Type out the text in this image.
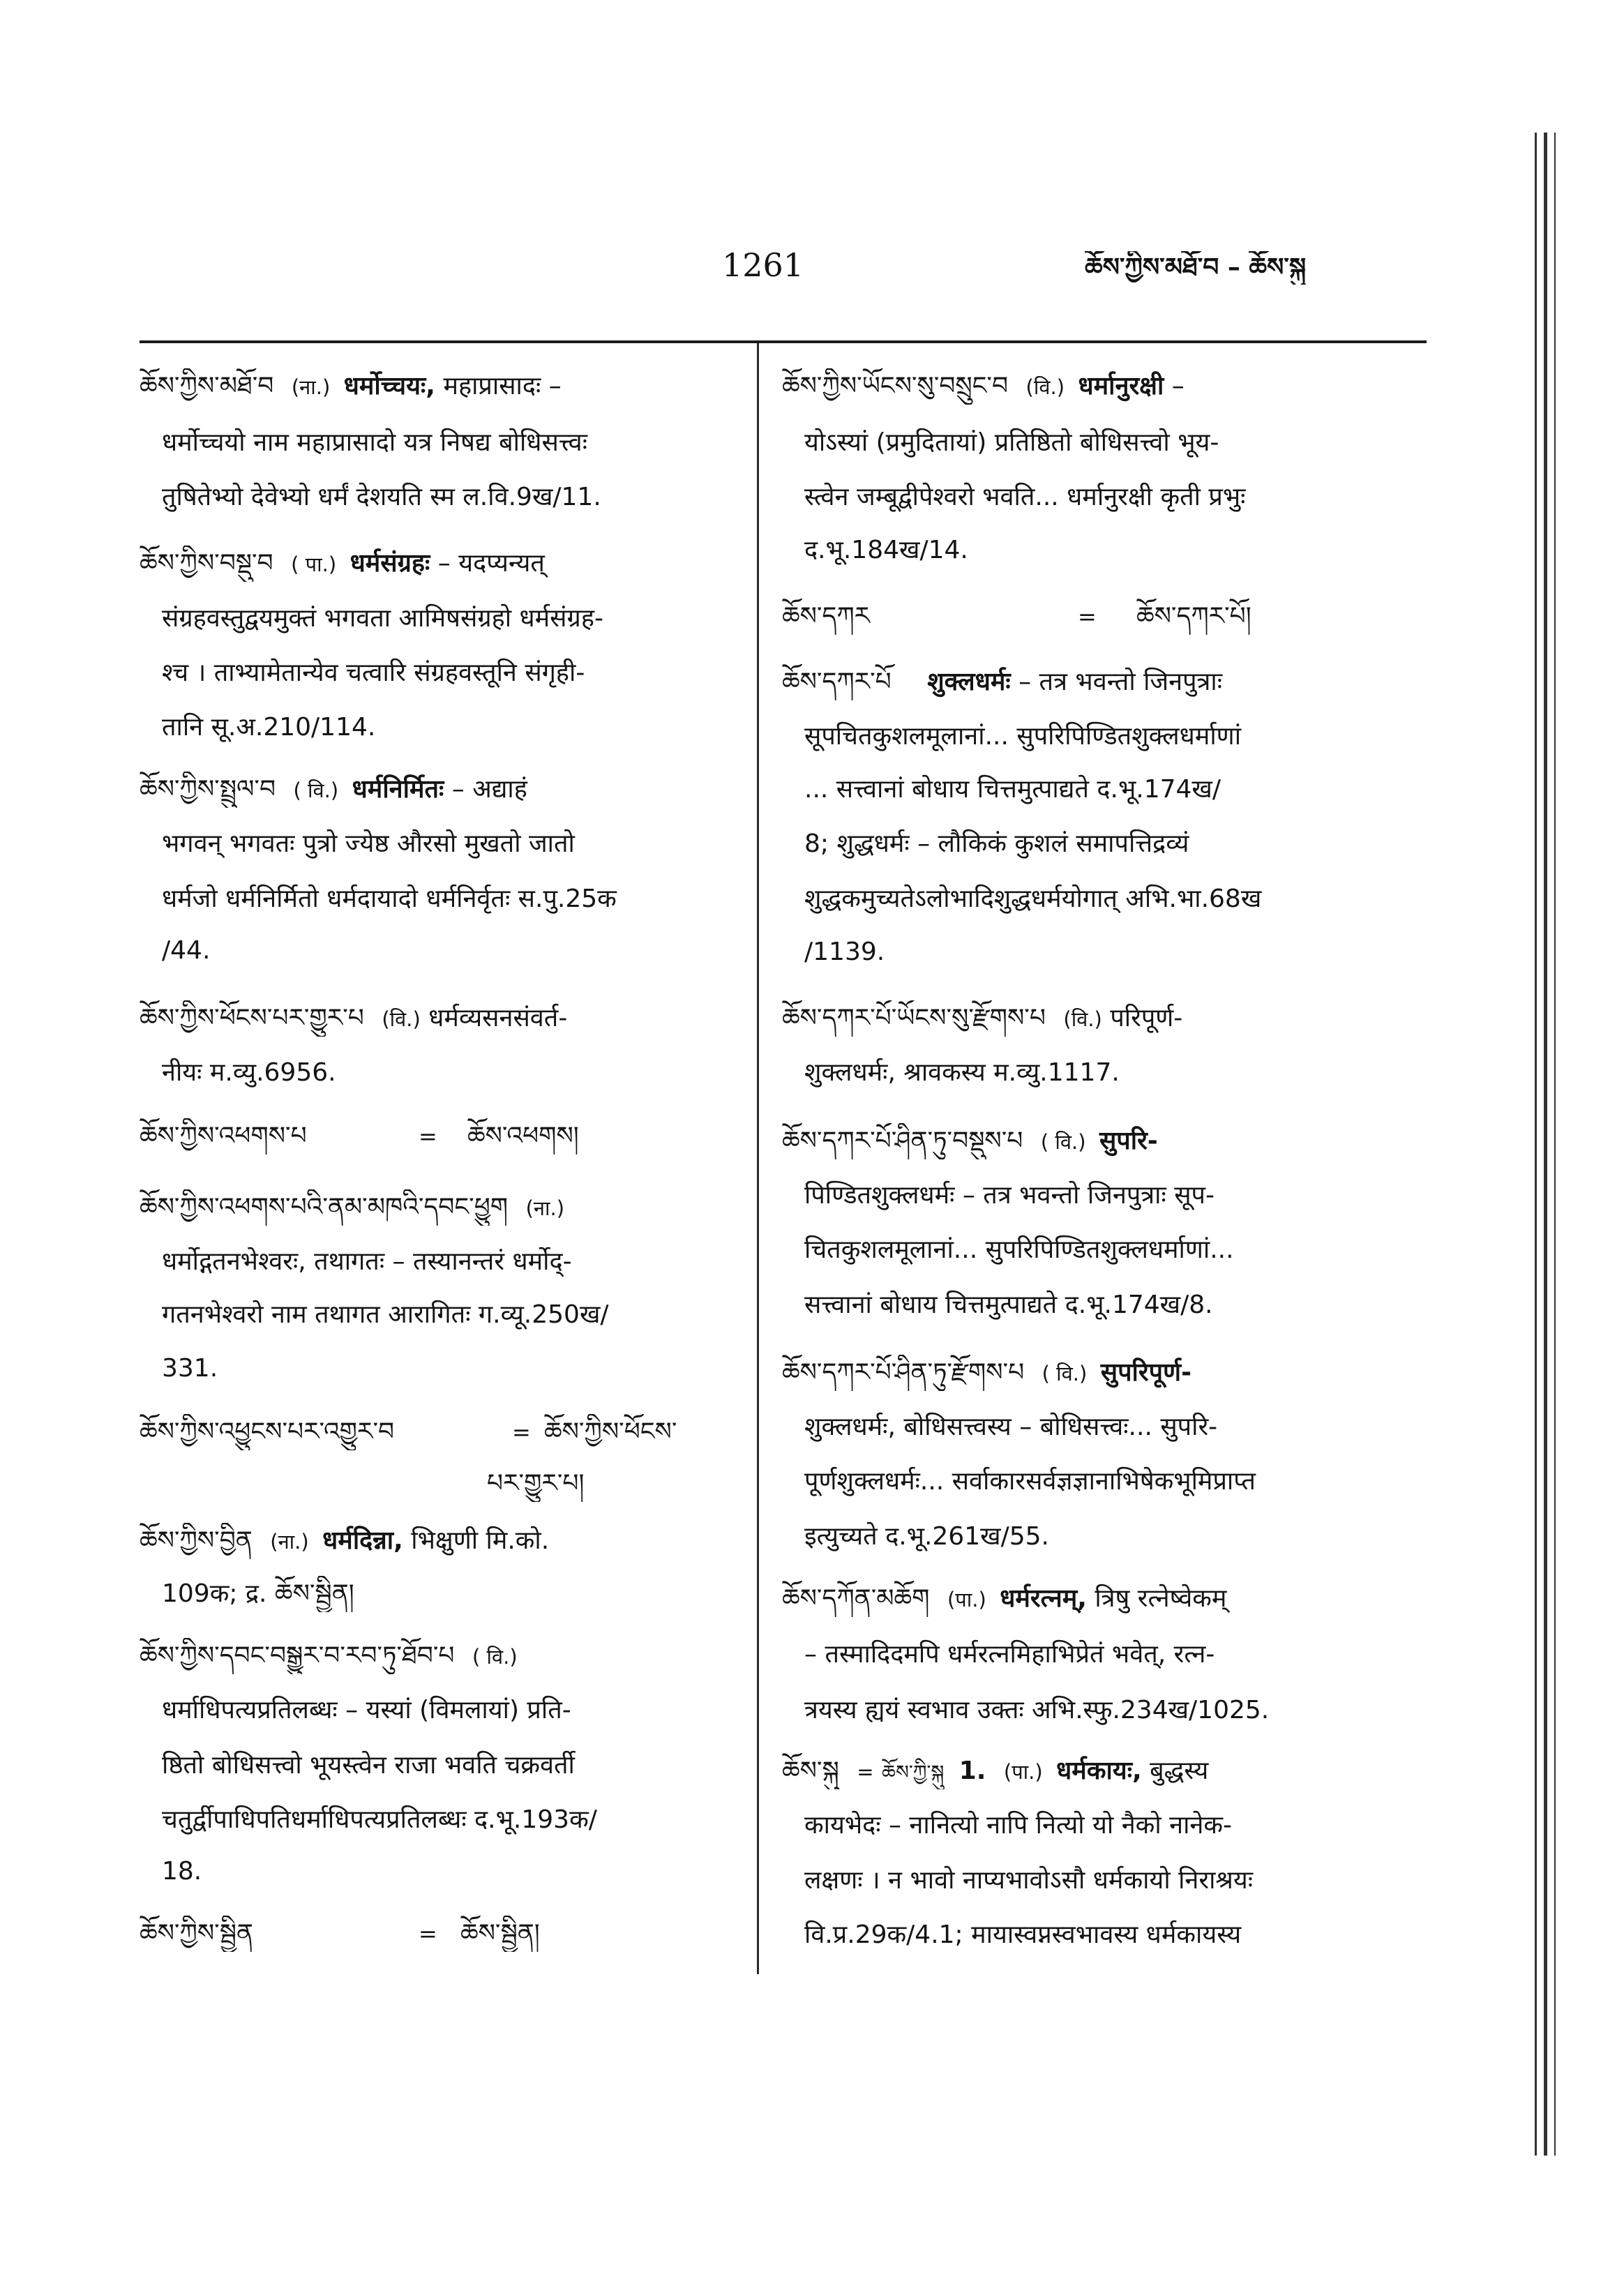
1261	ཆོས་ཀྱིས་མཐོ་བ – ཆོས་སྐུ
ཆོས་ཀྱིས་མཐོ་བ (ना.) धर्मोच्चयः, महाप्रासादः –
धर्मोच्चयो नाम महाप्रासादो यत्र निषद्य बोधिसत्त्वः
तुषितेभ्यो देवेभ्यो धर्मं देशयति स्म ल.वि.9ख/11.
ཆོས་ཀྱིས་བསྡུ་བ ( पा.) धर्मसंग्रहः – यदप्यन्यत्
संग्रहवस्तुद्वयमुक्तं भगवता आमिषसंग्रहो धर्मसंग्रह-
श्च । ताभ्यामेतान्येव चत्वारि संग्रहवस्तूनि संगृही-
तानि सू.अ.210/114.
ཆོས་ཀྱིས་སྤྲུལ་བ ( वि.) धर्मनिर्मितः – अद्याहं
भगवन् भगवतः पुत्रो ज्येष्ठ औरसो मुखतो जातो
धर्मजो धर्मनिर्मितो धर्मदायादो धर्मनिर्वृतः स.पु.25क
/44.
ཆོས་ཀྱིས་ཕོངས་པར་གྱུར་པ (वि.) धर्मव्यसनसंवर्त-
नीयः म.व्यु.6956.
ཆོས་ཀྱིས་འཕགས་པ	= ཆོས་འཕགས།
ཆོས་ཀྱིས་འཕགས་པའི་ནམ་མཁའི་དབང་ཕྱུག (ना.)
धर्मोद्गतनभेश्वरः, तथागतः – तस्यानन्तरं धर्मोद्-
गतनभेश्वरो नाम तथागत आरागितः ग.व्यू.250ख/
331.
ཆོས་ཀྱིས་འཕྱུངས་པར་འགྱུར་བ	= ཆོས་ཀྱིས་ཕོངས་
པར་གྱུར་པ།
ཆོས་ཀྱིས་བྱིན (ना.) धर्मदिन्ना, भिक्षुणी मि.को.
109क; द्र. ཆོས་སྦྱིན།
ཆོས་ཀྱིས་དབང་བསྒྱུར་བ་རབ་ཏུ་ཐོབ་པ ( वि.)
धर्माधिपत्यप्रतिलब्धः – यस्यां (विमलायां) प्रति-
ष्ठितो बोधिसत्त्वो भूयस्त्वेन राजा भवति चक्रवर्ती
चतुर्द्वीपाधिपतिधर्माधिपत्यप्रतिलब्धः द.भू.193क/
18.
ཆོས་ཀྱིས་སྦྱིན	= ཆོས་སྦྱིན།
ཆོས་ཀྱིས་ཡོངས་སུ་བསྲུང་བ (वि.) धर्मानुरक्षी –
योऽस्यां (प्रमुदितायां) प्रतिष्ठितो बोधिसत्त्वो भूय-
स्त्वेन जम्बूद्वीपेश्वरो भवति... धर्मानुरक्षी कृती प्रभुः
द.भू.184ख/14.
ཆོས་དཀར	= ཆོས་དཀར་པོ།
ཆོས་དཀར་པོ शुक्लधर्मः – तत्र भवन्तो जिनपुत्राः
सूपचितकुशलमूलानां... सुपरिपिण्डितशुक्लधर्माणां
... सत्त्वानां बोधाय चित्तमुत्पाद्यते द.भू.174ख/
8; शुद्धधर्मः – लौकिकं कुशलं समापत्तिद्रव्यं
शुद्धकमुच्यतेऽलोभादिशुद्धधर्मयोगात् अभि.भा.68ख
/1139.
ཆོས་དཀར་པོ་ཡོངས་སུ་རྫོགས་པ (वि.) परिपूर्ण-
शुक्लधर्मः, श्रावकस्य म.व्यु.1117.
ཆོས་དཀར་པོ་ཤིན་ཏུ་བསྡུས་པ ( वि.) सुपरि-
पिण्डितशुक्लधर्मः – तत्र भवन्तो जिनपुत्राः सूप-
चितकुशलमूलानां... सुपरिपिण्डितशुक्लधर्माणां...
सत्त्वानां बोधाय चित्तमुत्पाद्यते द.भू.174ख/8.
ཆོས་དཀར་པོ་ཤིན་ཏུ་རྫོགས་པ ( वि.) सुपरिपूर्ण-
शुक्लधर्मः, बोधिसत्त्वस्य – बोधिसत्त्वः... सुपरि-
पूर्णशुक्लधर्मः... सर्वाकारसर्वज्ञज्ञानाभिषेकभूमिप्राप्त
इत्युच्यते द.भू.261ख/55.
ཆོས་དཀོན་མཆོག (पा.) धर्मरत्नम्, त्रिषु रत्नेष्वेकम्
– तस्मादिदमपि धर्मरत्नमिहाभिप्रेतं भवेत्, रत्न-
त्रयस्य ह्ययं स्वभाव उक्तः अभि.स्फु.234ख/1025.
ཆོས་སྐུ = ཆོས་ཀྱི་སྐུ 1. (पा.) धर्मकायः, बुद्धस्य
कायभेदः – नानित्यो नापि नित्यो यो नैको नानेक-
लक्षणः । न भावो नाप्यभावोऽसौ धर्मकायो निराश्रयः
वि.प्र.29क/4.1; मायास्वप्नस्वभावस्य धर्मकायस्य
